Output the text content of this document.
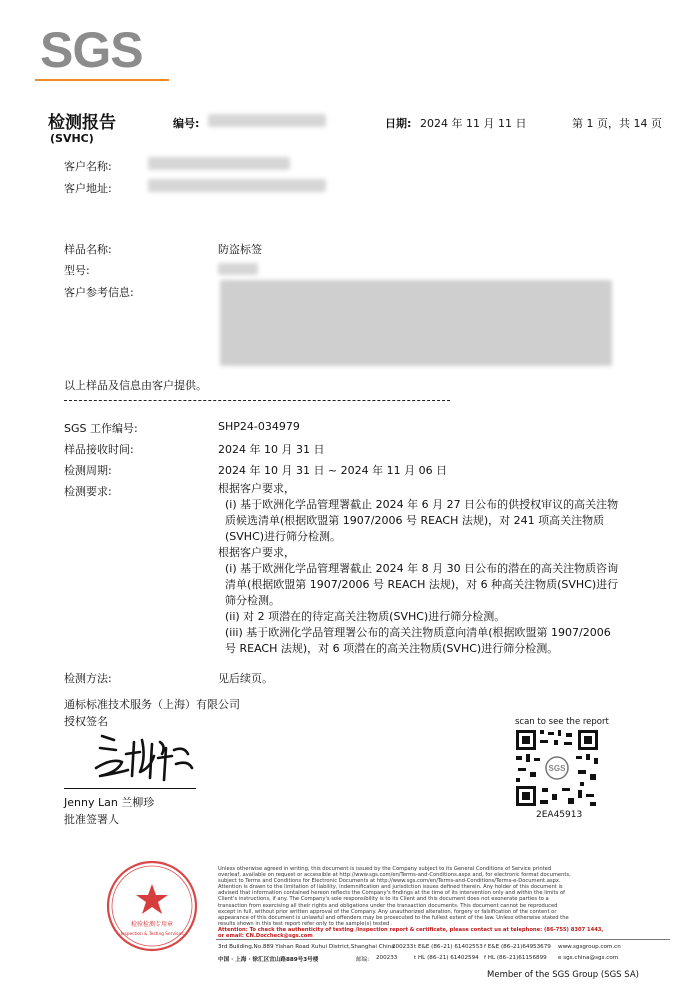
SGS
检测报告
(SVHC)
编号:	日期: 2024 年 11 月 11 日	第 1 页，共 14 页
客户名称:
客户地址:
样品名称:	防盗标签
型号:
客户参考信息:
以上样品及信息由客户提供。
SGS 工作编号:	SHP24-034979
样品接收时间:	2024 年 10 月 31 日
检测周期:	2024 年 10 月 31 日 ~ 2024 年 11 月 06 日
检测要求:	根据客户要求，
(i) 基于欧洲化学品管理署截止 2024 年 6 月 27 日公布的供授权审议的高关注物
质候选清单(根据欧盟第 1907/2006 号 REACH 法规)，对 241 项高关注物质
(SVHC)进行筛分检测。
根据客户要求，
(i) 基于欧洲化学品管理署截止 2024 年 8 月 30 日公布的潜在的高关注物质咨询
清单(根据欧盟第 1907/2006 号 REACH 法规)，对 6 种高关注物质(SVHC)进行
筛分检测。
(ii) 对 2 项潜在的待定高关注物质(SVHC)进行筛分检测。
(iii) 基于欧洲化学品管理署公布的高关注物质意向清单(根据欧盟第 1907/2006
号 REACH 法规)，对 6 项潜在的高关注物质(SVHC)进行筛分检测。
检测方法:	见后续页。
通标标准技术服务（上海）有限公司
授权签名
Jenny Lan 兰柳珍
批准签署人
scan to see the report
SGS
2EA45913
检验检测专用章
Inspection & Testing Services
Unless otherwise agreed in writing, this document is issued by the Company subject to its General Conditions of Service printed
overleaf, available on request or accessible at http://www.sgs.com/en/Terms-and-Conditions.aspx and, for electronic format documents,
subject to Terms and Conditions for Electronic Documents at http://www.sgs.com/en/Terms-and-Conditions/Terms-e-Document.aspx.
Attention is drawn to the limitation of liability, indemnification and jurisdiction issues defined therein. Any holder of this document is
advised that information contained hereon reflects the Company's findings at the time of its intervention only and within the limits of
Client's instructions, if any. The Company's sole responsibility is to its Client and this document does not exonerate parties to a
transaction from exercising all their rights and obligations under the transaction documents. This document cannot be reproduced
except in full, without prior written approval of the Company. Any unauthorized alteration, forgery or falsification of the content or
appearance of this document is unlawful and offenders may be prosecuted to the fullest extent of the law. Unless otherwise stated the
results shown in this test report refer only to the sample(s) tested .
Attention: To check the authenticity of testing /inspection report & certificate, please contact us at telephone: (86-755) 8307 1443,
or email: CN.Doccheck@sgs.com
3rd Building,No.889 Yishan Road Xuhui District,Shanghai China
200233 t E&E (86–21) 61402553 f E&E (86–21)64953679 www.sgsgroup.com.cn
中国 · 上海 · 徐汇区宜山路889号3号楼	邮编: 200233	t HL (86–21) 61402594 f HL (86–21)61156899 e sgs.china@sgs.com
Member of the SGS Group (SGS SA)
